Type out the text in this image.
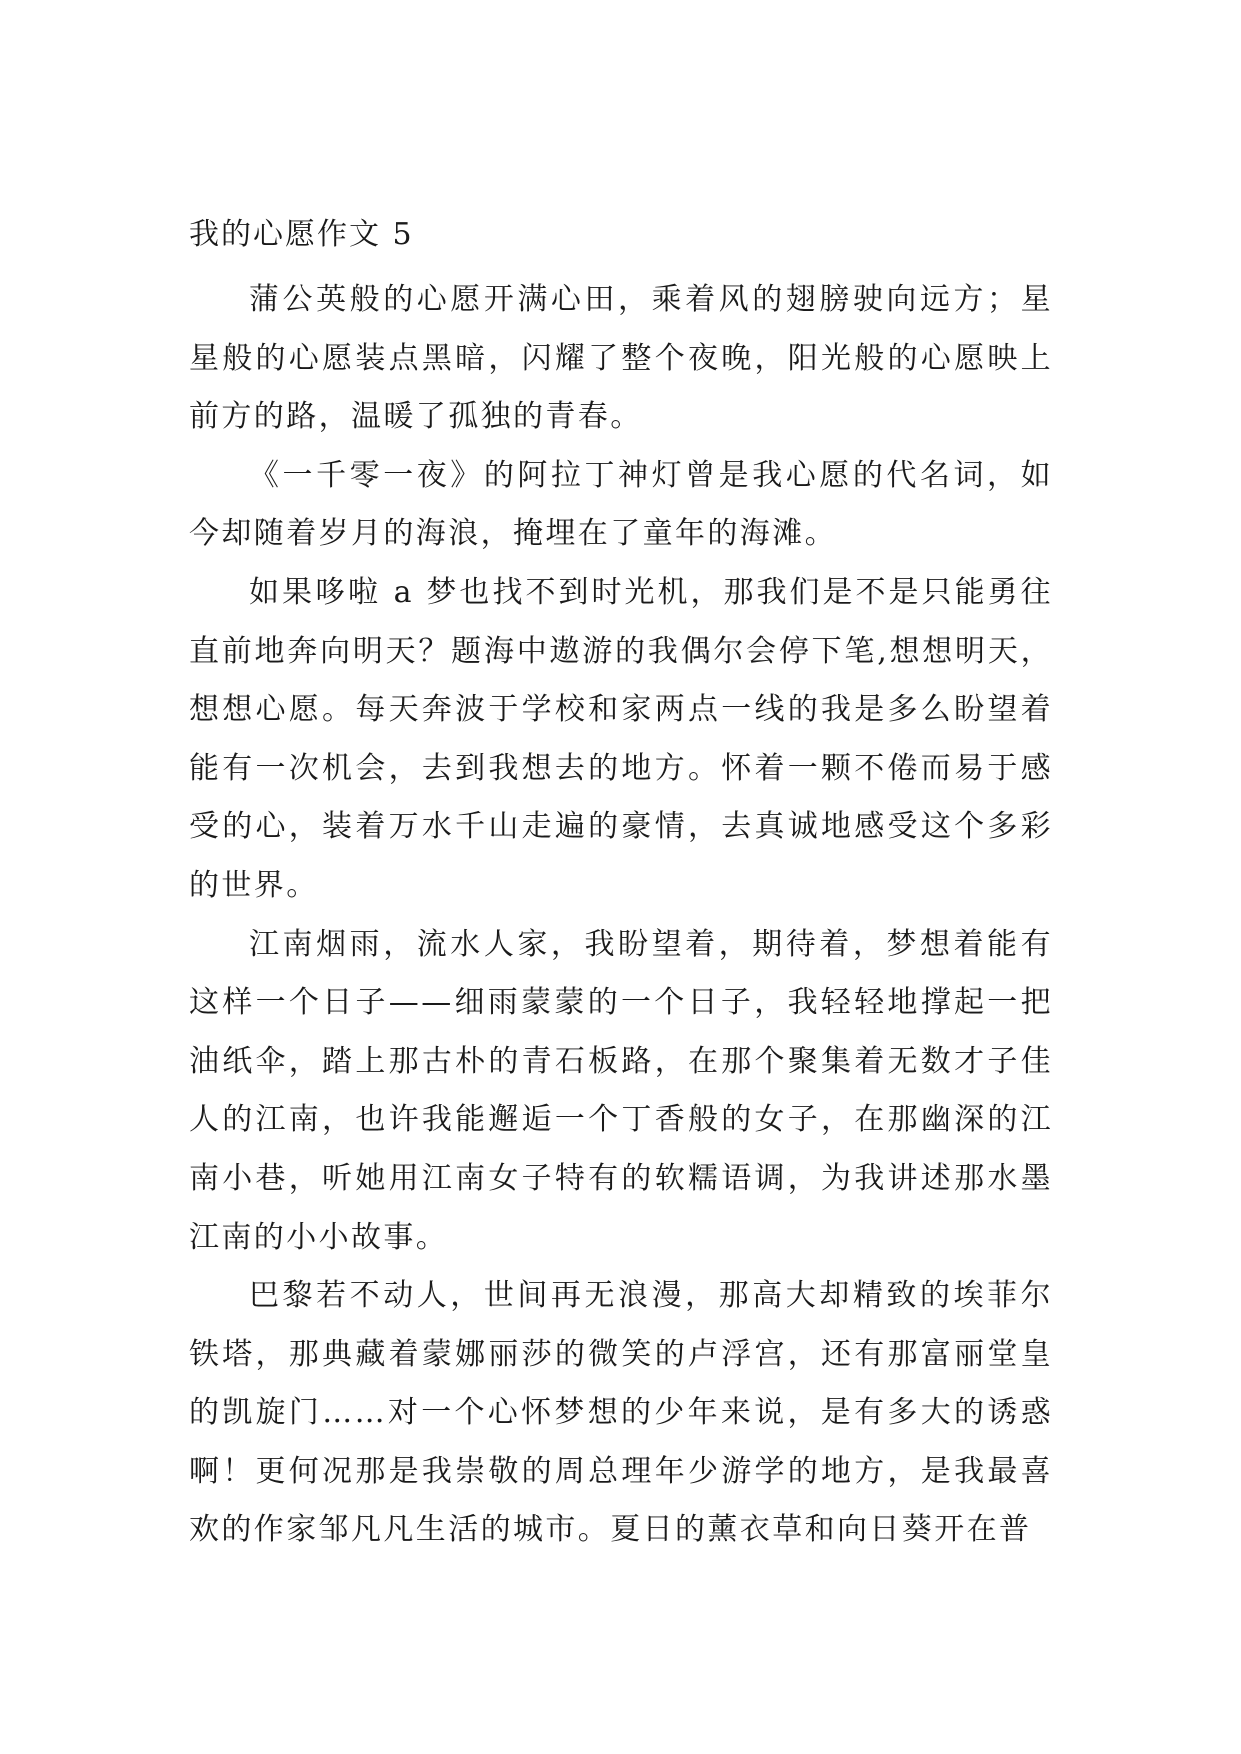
我的心愿作文 5

蒲公英般的心愿开满心田，乘着风的翅膀驶向远方；星星般的心愿装点黑暗，闪耀了整个夜晚，阳光般的心愿映上前方的路，温暖了孤独的青春。

《一千零一夜》的阿拉丁神灯曾是我心愿的代名词，如今却随着岁月的海浪，掩埋在了童年的海滩。

如果哆啦 a 梦也找不到时光机，那我们是不是只能勇往直前地奔向明天？题海中遨游的我偶尔会停下笔,想想明天，想想心愿。每天奔波于学校和家两点一线的我是多么盼望着能有一次机会，去到我想去的地方。怀着一颗不倦而易于感受的心，装着万水千山走遍的豪情，去真诚地感受这个多彩的世界。

江南烟雨，流水人家，我盼望着，期待着，梦想着能有这样一个日子——细雨蒙蒙的一个日子，我轻轻地撑起一把油纸伞，踏上那古朴的青石板路，在那个聚集着无数才子佳人的江南，也许我能邂逅一个丁香般的女子，在那幽深的江南小巷，听她用江南女子特有的软糯语调，为我讲述那水墨江南的小小故事。

巴黎若不动人，世间再无浪漫，那高大却精致的埃菲尔铁塔，那典藏着蒙娜丽莎的微笑的卢浮宫，还有那富丽堂皇的凯旋门……对一个心怀梦想的少年来说，是有多大的诱惑啊！更何况那是我崇敬的周总理年少游学的地方，是我最喜欢的作家邹凡凡生活的城市。夏日的薰衣草和向日葵开在普
